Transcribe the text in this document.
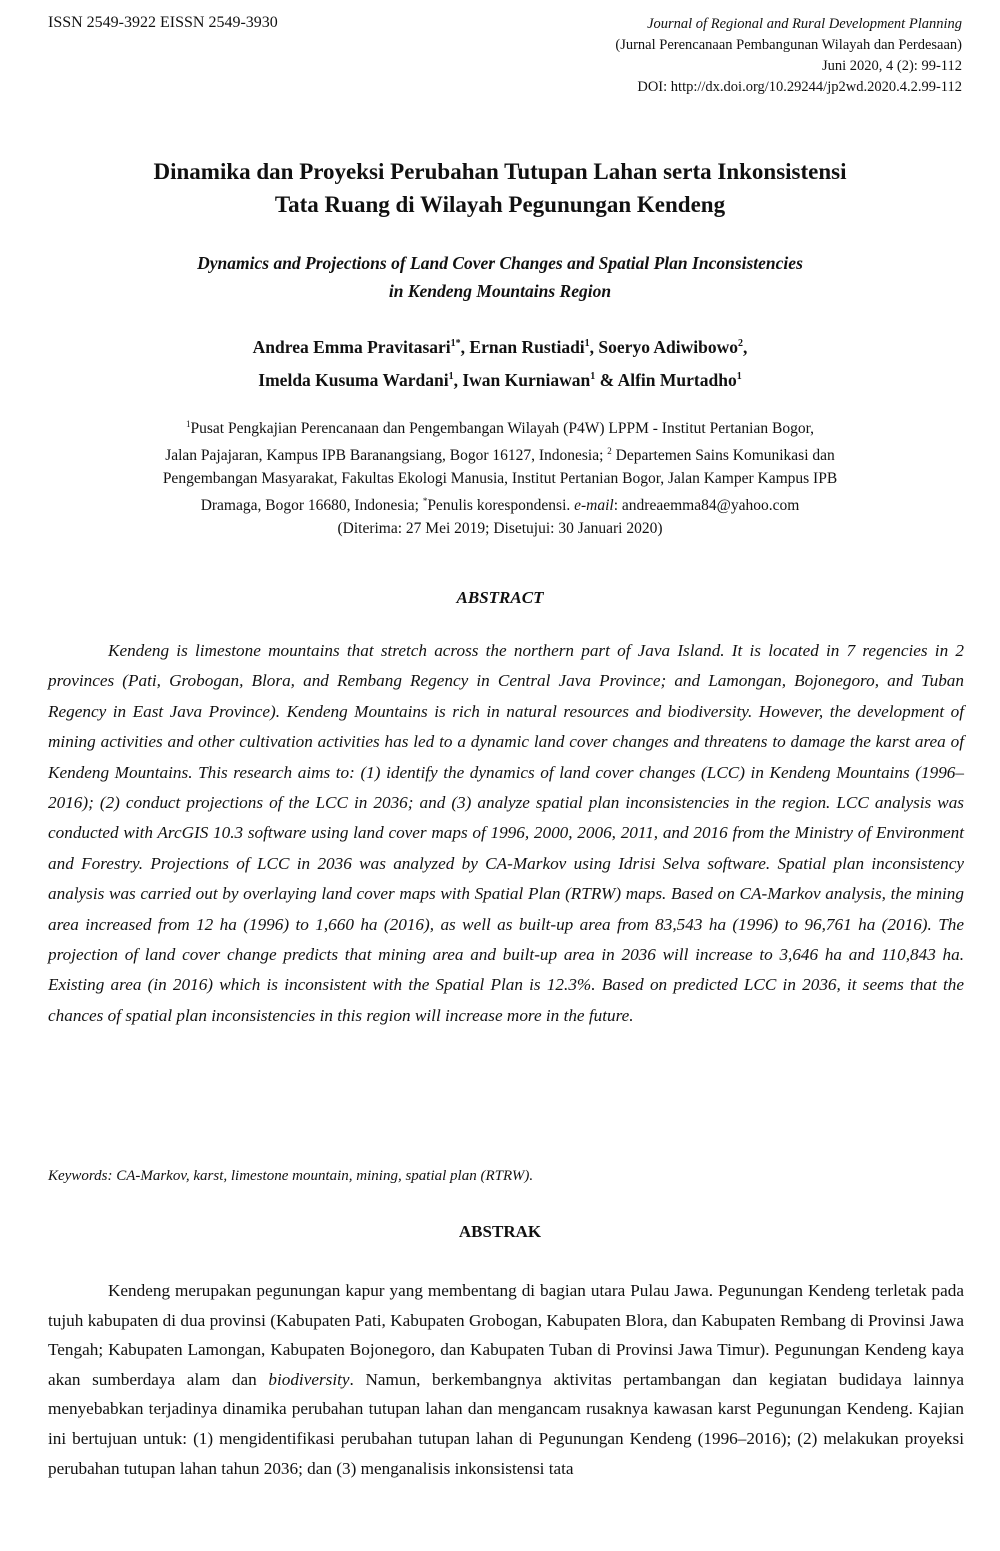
ISSN 2549-3922 EISSN 2549-3930	Journal of Regional and Rural Development Planning
(Jurnal Perencanaan Pembangunan Wilayah dan Perdesaan)
Juni 2020, 4 (2): 99-112
DOI: http://dx.doi.org/10.29244/jp2wd.2020.4.2.99-112
Dinamika dan Proyeksi Perubahan Tutupan Lahan serta Inkonsistensi
Tata Ruang di Wilayah Pegunungan Kendeng
Dynamics and Projections of Land Cover Changes and Spatial Plan Inconsistencies
in Kendeng Mountains Region
Andrea Emma Pravitasari$^{1*}$, Ernan Rustiadi$^1$, Soeryo Adiwibowo$^2$,
Imelda Kusuma Wardani$^1$, Iwan Kurniawan$^1$ & Alfin Murtadho$^1$
$^1$Pusat Pengkajian Perencanaan dan Pengembangan Wilayah (P4W) LPPM - Institut Pertanian Bogor,
Jalan Pajajaran, Kampus IPB Baranangsiang, Bogor 16127, Indonesia; $^2$ Departemen Sains Komunikasi dan
Pengembangan Masyarakat, Fakultas Ekologi Manusia, Institut Pertanian Bogor, Jalan Kamper Kampus IPB
Dramaga, Bogor 16680, Indonesia; *Penulis korespondensi. e-mail: andreaemma84@yahoo.com
(Diterima: 27 Mei 2019; Disetujui: 30 Januari 2020)
ABSTRACT

Kendeng is limestone mountains that stretch across the northern part of Java Island. It is located in 7 regencies in 2 provinces (Pati, Grobogan, Blora, and Rembang Regency in Central Java Province; and Lamongan, Bojonegoro, and Tuban Regency in East Java Province). Kendeng Mountains is rich in natural resources and biodiversity. However, the development of mining activities and other cultivation activities has led to a dynamic land cover changes and threatens to damage the karst area of Kendeng Mountains. This research aims to: (1) identify the dynamics of land cover changes (LCC) in Kendeng Mountains (1996–2016); (2) conduct projections of the LCC in 2036; and (3) analyze spatial plan inconsistencies in the region. LCC analysis was conducted with ArcGIS 10.3 software using land cover maps of 1996, 2000, 2006, 2011, and 2016 from the Ministry of Environment and Forestry. Projections of LCC in 2036 was analyzed by CA-Markov using Idrisi Selva software. Spatial plan inconsistency analysis was carried out by overlaying land cover maps with Spatial Plan (RTRW) maps. Based on CA-Markov analysis, the mining area increased from 12 ha (1996) to 1,660 ha (2016), as well as built-up area from 83,543 ha (1996) to 96,761 ha (2016). The projection of land cover change predicts that mining area and built-up area in 2036 will increase to 3,646 ha and 110,843 ha. Existing area (in 2016) which is inconsistent with the Spatial Plan is 12.3%. Based on predicted LCC in 2036, it seems that the chances of spatial plan inconsistencies in this region will increase more in the future.

Keywords: CA-Markov, karst, limestone mountain, mining, spatial plan (RTRW).
ABSTRAK

Kendeng merupakan pegunungan kapur yang membentang di bagian utara Pulau Jawa. Pegunungan Kendeng terletak pada tujuh kabupaten di dua provinsi (Kabupaten Pati, Kabupaten Grobogan, Kabupaten Blora, dan Kabupaten Rembang di Provinsi Jawa Tengah; Kabupaten Lamongan, Kabupaten Bojonegoro, dan Kabupaten Tuban di Provinsi Jawa Timur). Pegunungan Kendeng kaya akan sumberdaya alam dan biodiversity. Namun, berkembangnya aktivitas pertambangan dan kegiatan budidaya lainnya menyebabkan terjadinya dinamika perubahan tutupan lahan dan mengancam rusaknya kawasan karst Pegunungan Kendeng. Kajian ini bertujuan untuk: (1) mengidentifikasi perubahan tutupan lahan di Pegunungan Kendeng (1996–2016); (2) melakukan proyeksi perubahan tutupan lahan tahun 2036; dan (3) menganalisis inkonsistensi tata
